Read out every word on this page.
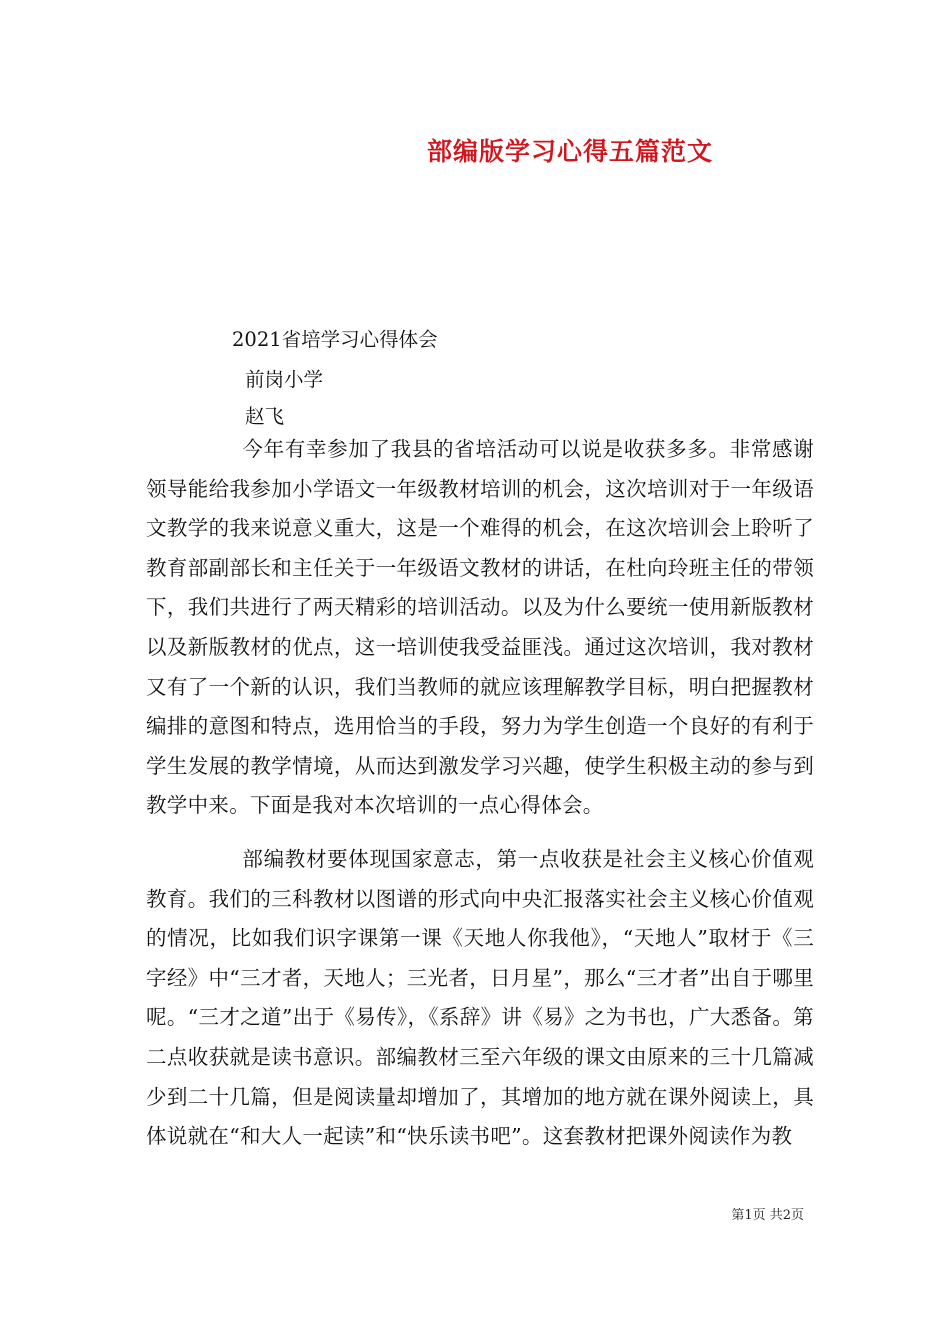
部编版学习心得五篇范文
2021省培学习心得体会
前岗小学
赵飞
今年有幸参加了我县的省培活动可以说是收获多多。非常感谢领导能给我参加小学语文一年级教材培训的机会，这次培训对于一年级语文教学的我来说意义重大，这是一个难得的机会，在这次培训会上聆听了教育部副部长和主任关于一年级语文教材的讲话，在杜向玲班主任的带领下，我们共进行了两天精彩的培训活动。以及为什么要统一使用新版教材以及新版教材的优点，这一培训使我受益匪浅。通过这次培训，我对教材又有了一个新的认识，我们当教师的就应该理解教学目标，明白把握教材编排的意图和特点，选用恰当的手段，努力为学生创造一个良好的有利于学生发展的教学情境，从而达到激发学习兴趣，使学生积极主动的参与到教学中来。下面是我对本次培训的一点心得体会。
部编教材要体现国家意志，第一点收获是社会主义核心价值观教育。我们的三科教材以图谱的形式向中央汇报落实社会主义核心价值观的情况，比如我们识字课第一课《天地人你我他》，“天地人”取材于《三字经》中“三才者，天地人；三光者，日月星”，那么“三才者”出自于哪里呢。“三才之道”出于《易传》，《系辞》讲《易》之为书也，广大悉备。第二点收获就是读书意识。部编教材三至六年级的课文由原来的三十几篇减少到二十几篇，但是阅读量却增加了，其增加的地方就在课外阅读上，具体说就在“和大人一起读”和“快乐读书吧”。这套教材把课外阅读作为教
第1页 共2页
